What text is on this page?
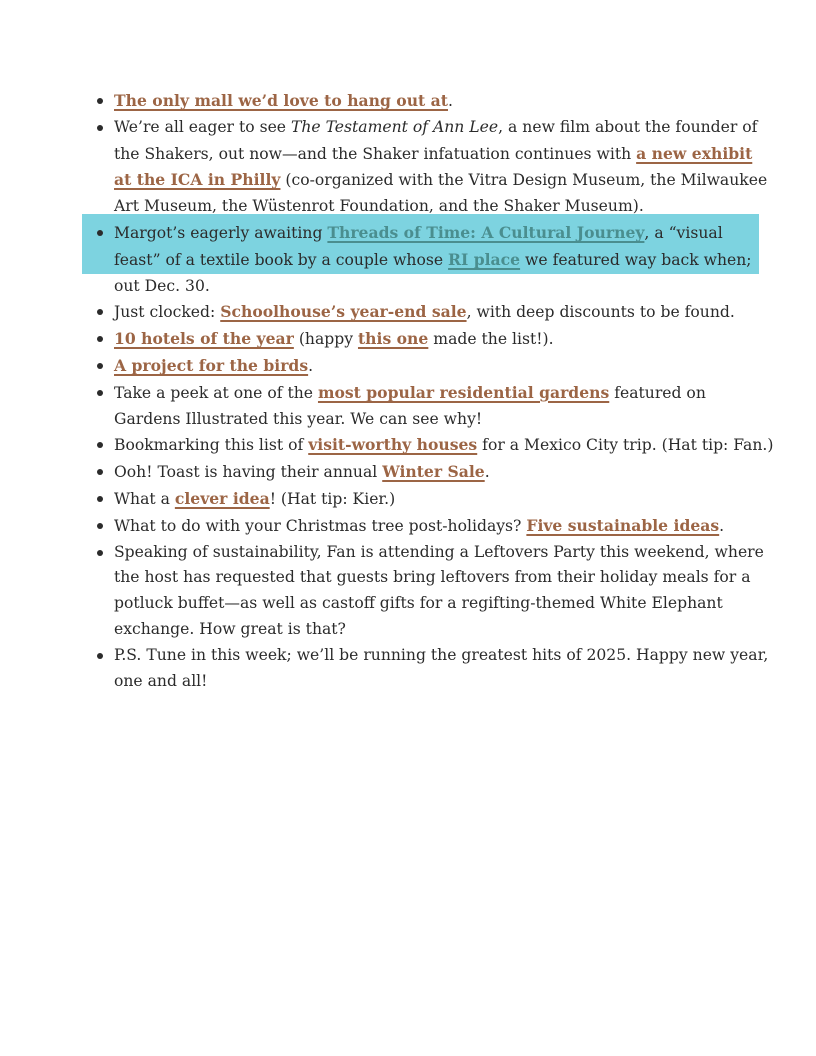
The only mall we’d love to hang out at.
We’re all eager to see The Testament of Ann Lee, a new film about the founder of the Shakers, out now—and the Shaker infatuation continues with a new exhibit at the ICA in Philly (co-organized with the Vitra Design Museum, the Milwaukee Art Museum, the Wüstenrot Foundation, and the Shaker Museum).
Margot’s eagerly awaiting Threads of Time: A Cultural Journey, a “visual feast” of a textile book by a couple whose RI place we featured way back when; out Dec. 30.
Just clocked: Schoolhouse’s year-end sale, with deep discounts to be found.
10 hotels of the year (happy this one made the list!).
A project for the birds.
Take a peek at one of the most popular residential gardens featured on Gardens Illustrated this year. We can see why!
Bookmarking this list of visit-worthy houses for a Mexico City trip. (Hat tip: Fan.)
Ooh! Toast is having their annual Winter Sale.
What a clever idea! (Hat tip: Kier.)
What to do with your Christmas tree post-holidays? Five sustainable ideas.
Speaking of sustainability, Fan is attending a Leftovers Party this weekend, where the host has requested that guests bring leftovers from their holiday meals for a potluck buffet—as well as castoff gifts for a regifting-themed White Elephant exchange. How great is that?
P.S. Tune in this week; we’ll be running the greatest hits of 2025. Happy new year, one and all!
